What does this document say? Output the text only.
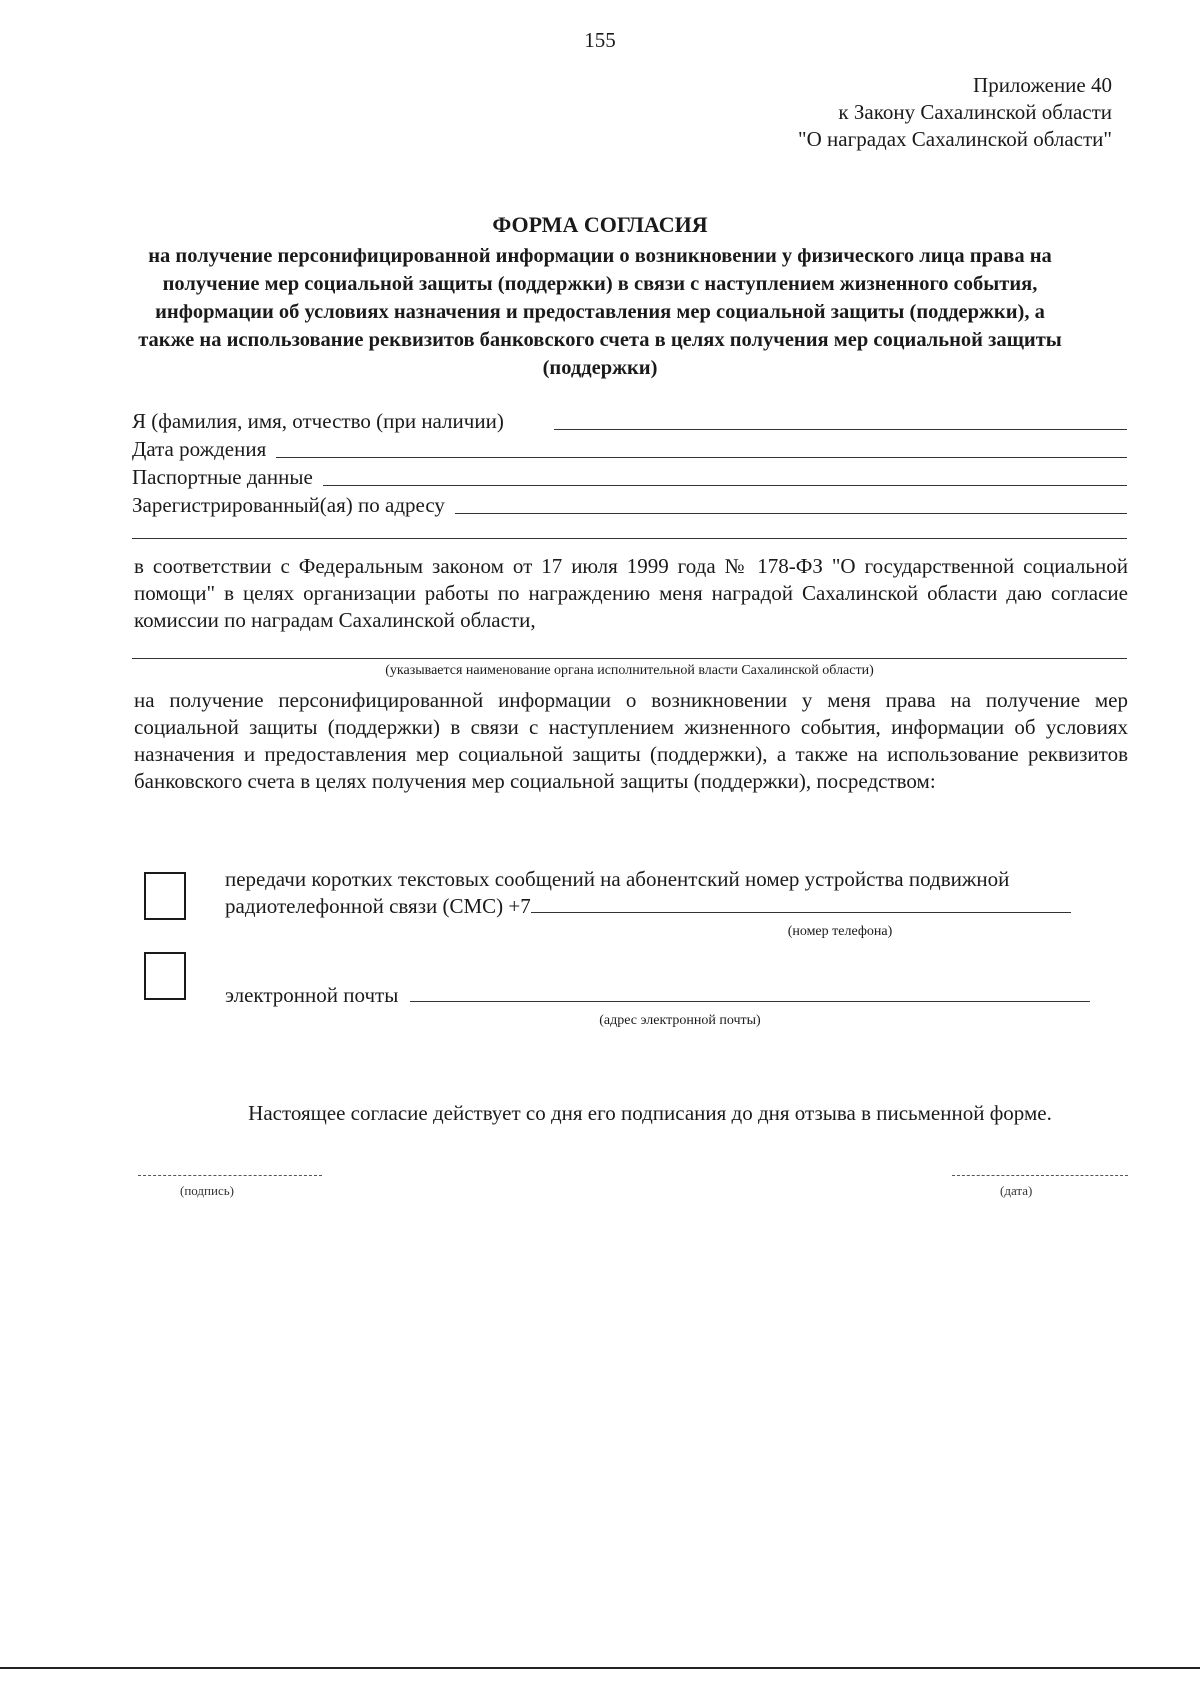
155
Приложение 40
к Закону Сахалинской области
"О наградах Сахалинской области"
ФОРМА СОГЛАСИЯ
на получение персонифицированной информации о возникновении у физического лица права на получение мер социальной защиты (поддержки) в связи с наступлением жизненного события, информации об условиях назначения и предоставления мер социальной защиты (поддержки), а также на использование реквизитов банковского счета в целях получения мер социальной защиты (поддержки)
Я (фамилия, имя, отчество (при наличии)
Дата рождения
Паспортные данные
Зарегистрированный(ая) по адресу
в соответствии с Федеральным законом от 17 июля 1999 года № 178-ФЗ "О государственной социальной помощи" в целях организации работы по награждению меня наградой Сахалинской области даю согласие комиссии по наградам Сахалинской области,
(указывается наименование органа исполнительной власти Сахалинской области)
на получение персонифицированной информации о возникновении у меня права на получение мер социальной защиты (поддержки) в связи с наступлением жизненного события, информации об условиях назначения и предоставления мер социальной защиты (поддержки), а также на использование реквизитов банковского счета в целях получения мер социальной защиты (поддержки), посредством:
передачи коротких текстовых сообщений на абонентский номер устройства подвижной
радиотелефонной связи (СМС) +7
(номер телефона)
электронной почты
(адрес электронной почты)
Настоящее согласие действует со дня его подписания до дня отзыва в письменной форме.
(подпись)	(дата)
